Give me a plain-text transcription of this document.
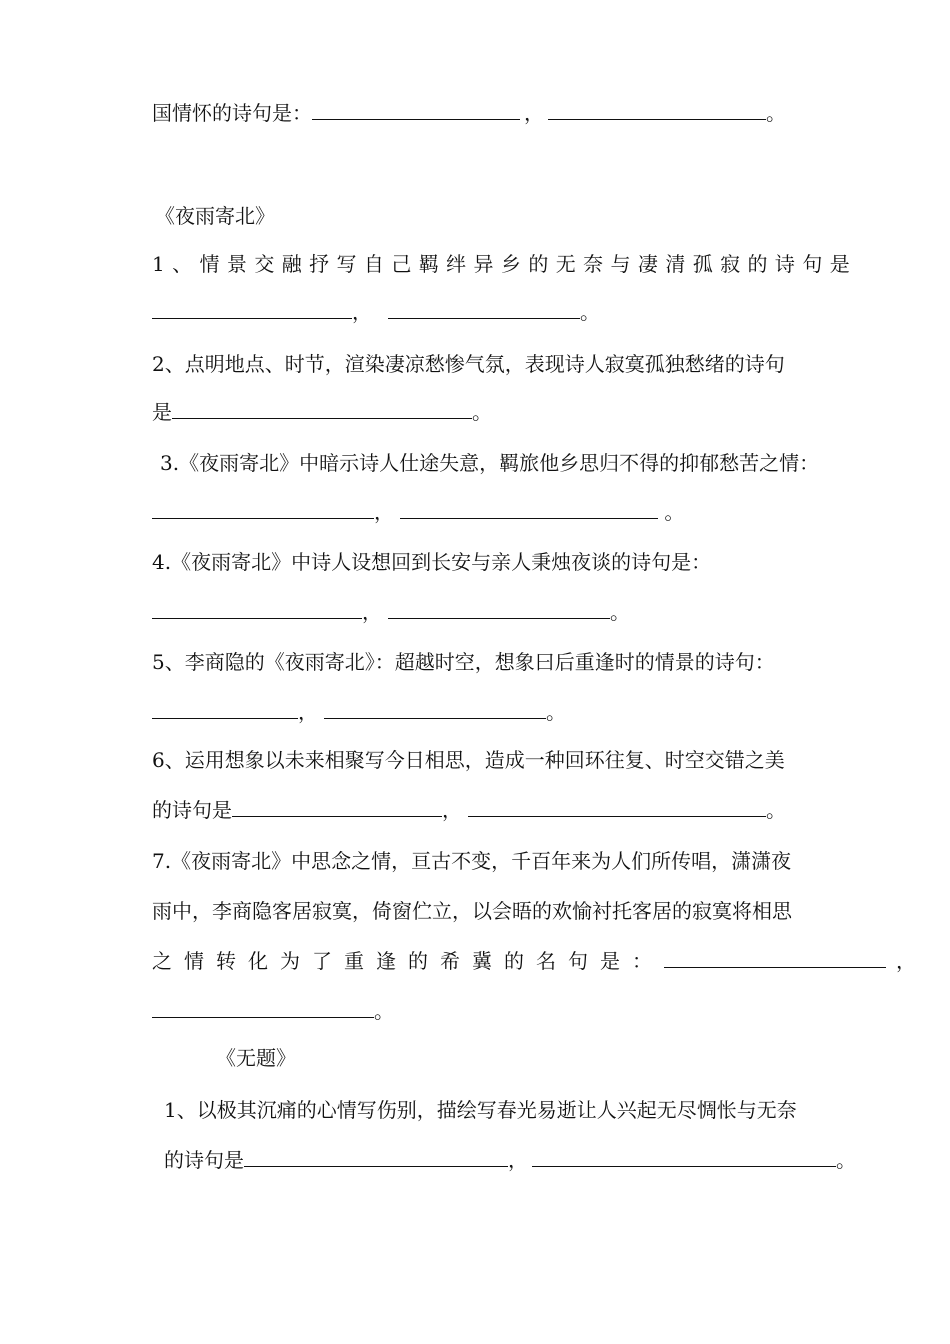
国情怀的诗句是：	，	。
《夜雨寄北》
1、情景交融抒写自己羁绊异乡的无奈与凄清孤寂的诗句是
，	。
2、点明地点、时节，渲染凄凉愁惨气氛，表现诗人寂寞孤独愁绪的诗句
是	。
3.《夜雨寄北》中暗示诗人仕途失意，羁旅他乡思归不得的抑郁愁苦之情：
，	。
4.《夜雨寄北》中诗人设想回到长安与亲人秉烛夜谈的诗句是：
，	。
5、李商隐的《夜雨寄北》：超越时空，想象曰后重逢时的情景的诗句：
，	。
6、运用想象以未来相聚写今日相思，造成一种回环往复、时空交错之美
的诗句是	，	。
7.《夜雨寄北》中思念之情，亘古不变，千百年来为人们所传唱，潇潇夜
雨中，李商隐客居寂寞，倚窗伫立，以会晤的欢愉衬托客居的寂寞将相思
之情转化为了重逢的希冀的名句是：	，
。
《无题》
1、以极其沉痛的心情写伤别，描绘写春光易逝让人兴起无尽惆怅与无奈
的诗句是	，	。
